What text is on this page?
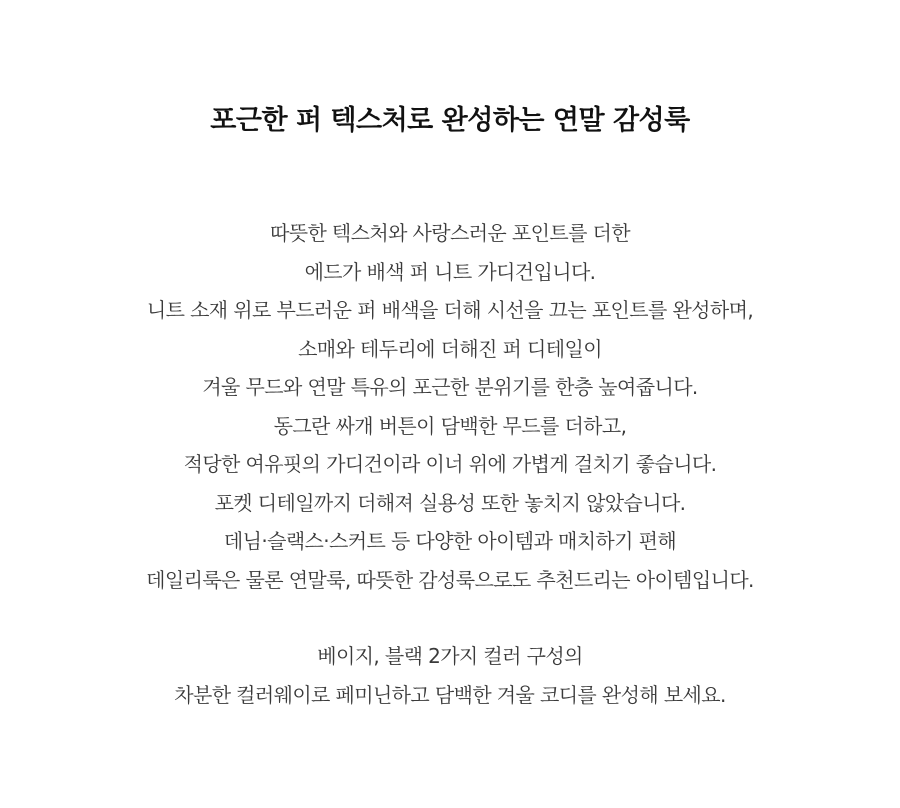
포근한 퍼 텍스처로 완성하는 연말 감성룩

따뜻한 텍스처와 사랑스러운 포인트를 더한
에드가 배색 퍼 니트 가디건입니다.
니트 소재 위로 부드러운 퍼 배색을 더해 시선을 끄는 포인트를 완성하며,
소매와 테두리에 더해진 퍼 디테일이
겨울 무드와 연말 특유의 포근한 분위기를 한층 높여줍니다.
동그란 싸개 버튼이 담백한 무드를 더하고,
적당한 여유핏의 가디건이라 이너 위에 가볍게 걸치기 좋습니다.
포켓 디테일까지 더해져 실용성 또한 놓치지 않았습니다.
데님·슬랙스·스커트 등 다양한 아이템과 매치하기 편해
데일리룩은 물론 연말룩, 따뜻한 감성룩으로도 추천드리는 아이템입니다.

베이지, 블랙 2가지 컬러 구성의
차분한 컬러웨이로 페미닌하고 담백한 겨울 코디를 완성해 보세요.
